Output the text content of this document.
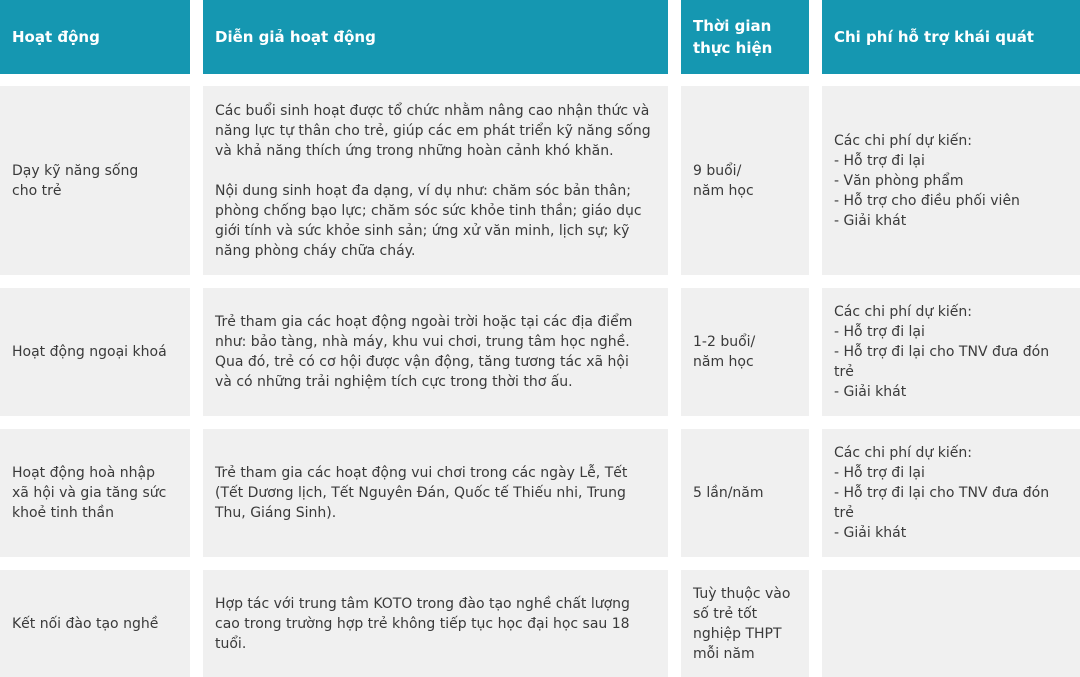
Hoạt động	Diễn giả hoạt động
Thời gian
thực hiện
Chi phí hỗ trợ khái quát
Dạy kỹ năng sống
cho trẻ
Các buổi sinh hoạt được tổ chức nhằm nâng cao nhận thức và
năng lực tự thân cho trẻ, giúp các em phát triển kỹ năng sống
và khả năng thích ứng trong những hoàn cảnh khó khăn.
Nội dung sinh hoạt đa dạng, ví dụ như: chăm sóc bản thân;
phòng chống bạo lực; chăm sóc sức khỏe tinh thần; giáo dục
giới tính và sức khỏe sinh sản; ứng xử văn minh, lịch sự; kỹ
năng phòng cháy chữa cháy.
9 buổi/
năm học
Các chi phí dự kiến:
- Hỗ trợ đi lại
- Văn phòng phẩm
- Hỗ trợ cho điều phối viên
- Giải khát
Hoạt động ngoại khoá
Trẻ tham gia các hoạt động ngoài trời hoặc tại các địa điểm
như: bảo tàng, nhà máy, khu vui chơi, trung tâm học nghề.
Qua đó, trẻ có cơ hội được vận động, tăng tương tác xã hội
và có những trải nghiệm tích cực trong thời thơ ấu.
1-2 buổi/
năm học
Các chi phí dự kiến:
- Hỗ trợ đi lại
- Hỗ trợ đi lại cho TNV đưa đón
trẻ
- Giải khát
Hoạt động hoà nhập
xã hội và gia tăng sức
khoẻ tinh thần
Trẻ tham gia các hoạt động vui chơi trong các ngày Lễ, Tết
(Tết Dương lịch, Tết Nguyên Đán, Quốc tế Thiếu nhi, Trung
Thu, Giáng Sinh).
5 lần/năm
Các chi phí dự kiến:
- Hỗ trợ đi lại
- Hỗ trợ đi lại cho TNV đưa đón
trẻ
- Giải khát
Kết nối đào tạo nghề
Hợp tác với trung tâm KOTO trong đào tạo nghề chất lượng
cao trong trường hợp trẻ không tiếp tục học đại học sau 18
tuổi.
Tuỳ thuộc vào
số trẻ tốt
nghiệp THPT
mỗi năm
